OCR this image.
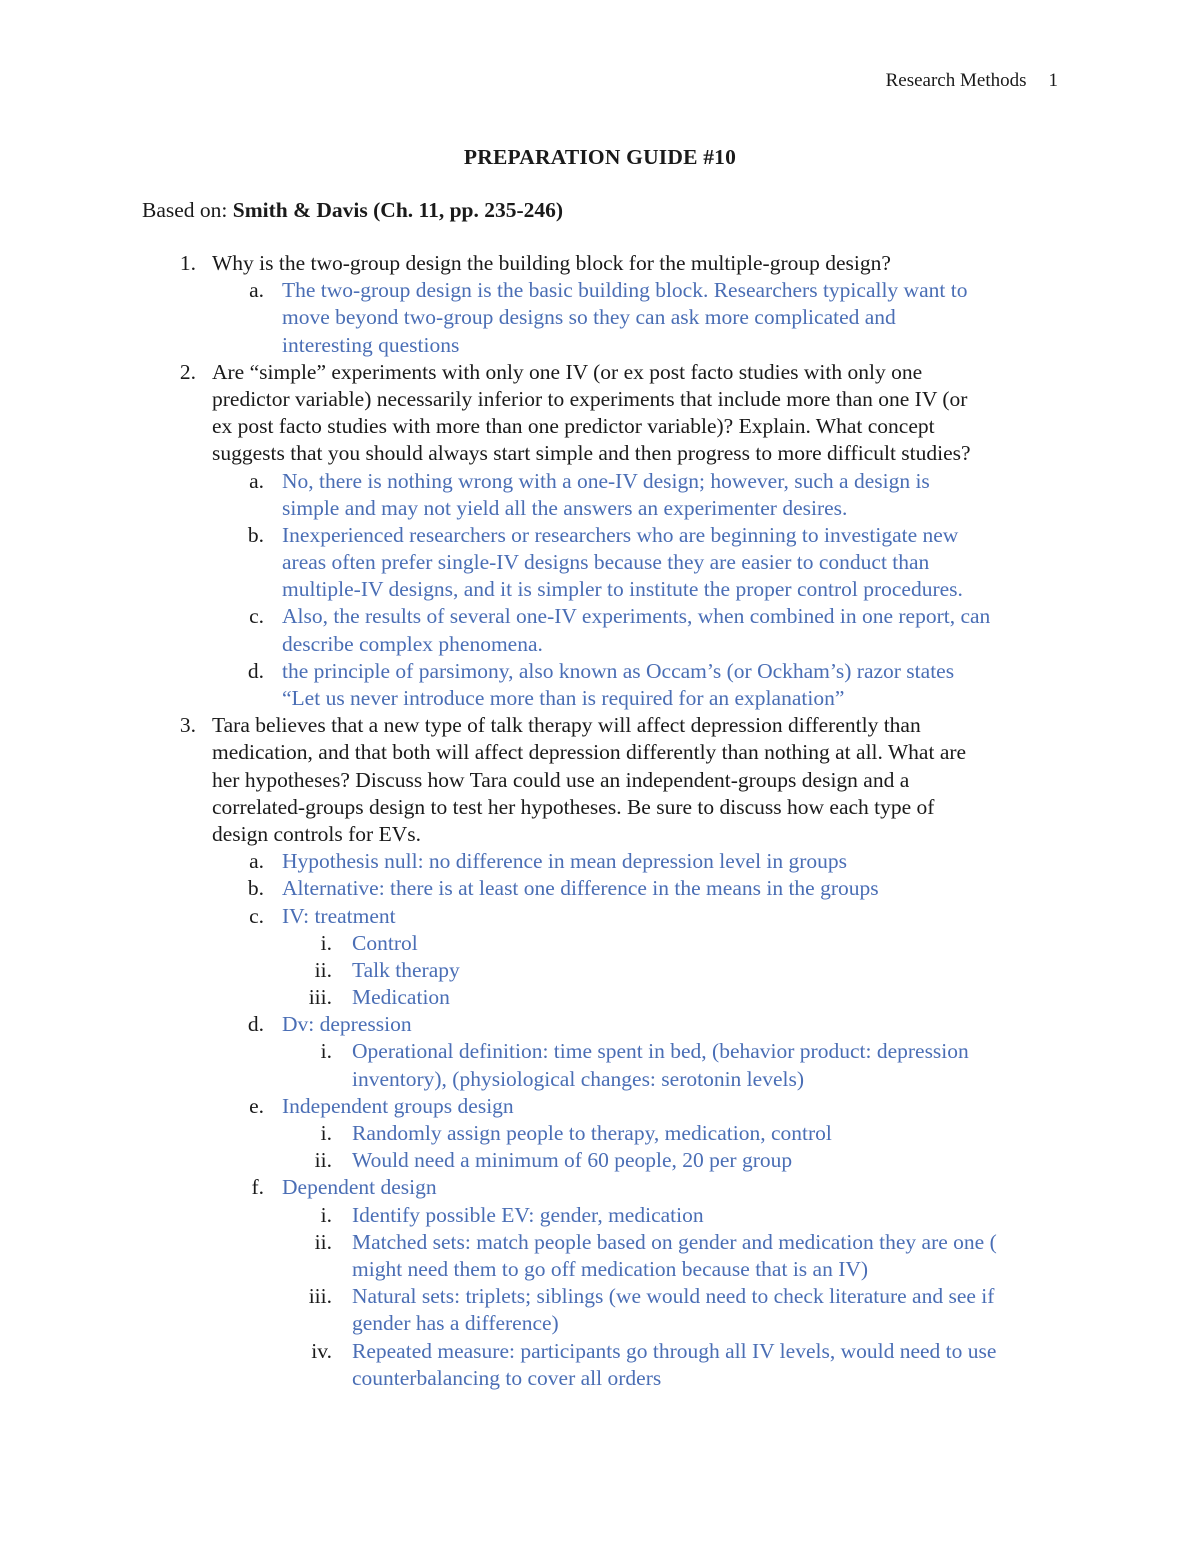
Research Methods 1
PREPARATION GUIDE #10
Based on: Smith & Davis (Ch. 11, pp. 235-246)
1. Why is the two-group design the building block for the multiple-group design?
a. The two-group design is the basic building block. Researchers typically want to
move beyond two-group designs so they can ask more complicated and
interesting questions
2. Are “simple” experiments with only one IV (or ex post facto studies with only one
predictor variable) necessarily inferior to experiments that include more than one IV (or
ex post facto studies with more than one predictor variable)? Explain. What concept
suggests that you should always start simple and then progress to more difficult studies?
a. No, there is nothing wrong with a one-IV design; however, such a design is
simple and may not yield all the answers an experimenter desires.
b. Inexperienced researchers or researchers who are beginning to investigate new
areas often prefer single-IV designs because they are easier to conduct than
multiple-IV designs, and it is simpler to institute the proper control procedures.
c. Also, the results of several one-IV experiments, when combined in one report, can
describe complex phenomena.
d. the principle of parsimony, also known as Occam’s (or Ockham’s) razor states
“Let us never introduce more than is required for an explanation”
3. Tara believes that a new type of talk therapy will affect depression differently than
medication, and that both will affect depression differently than nothing at all. What are
her hypotheses? Discuss how Tara could use an independent-groups design and a
correlated-groups design to test her hypotheses. Be sure to discuss how each type of
design controls for EVs.
a. Hypothesis null: no difference in mean depression level in groups
b. Alternative: there is at least one difference in the means in the groups
c. IV: treatment
i. Control
ii. Talk therapy
iii. Medication
d. Dv: depression
i. Operational definition: time spent in bed, (behavior product: depression
inventory), (physiological changes: serotonin levels)
e. Independent groups design
i. Randomly assign people to therapy, medication, control
ii. Would need a minimum of 60 people, 20 per group
f. Dependent design
i. Identify possible EV: gender, medication
ii. Matched sets: match people based on gender and medication they are one (
might need them to go off medication because that is an IV)
iii. Natural sets: triplets; siblings (we would need to check literature and see if
gender has a difference)
iv. Repeated measure: participants go through all IV levels, would need to use
counterbalancing to cover all orders
